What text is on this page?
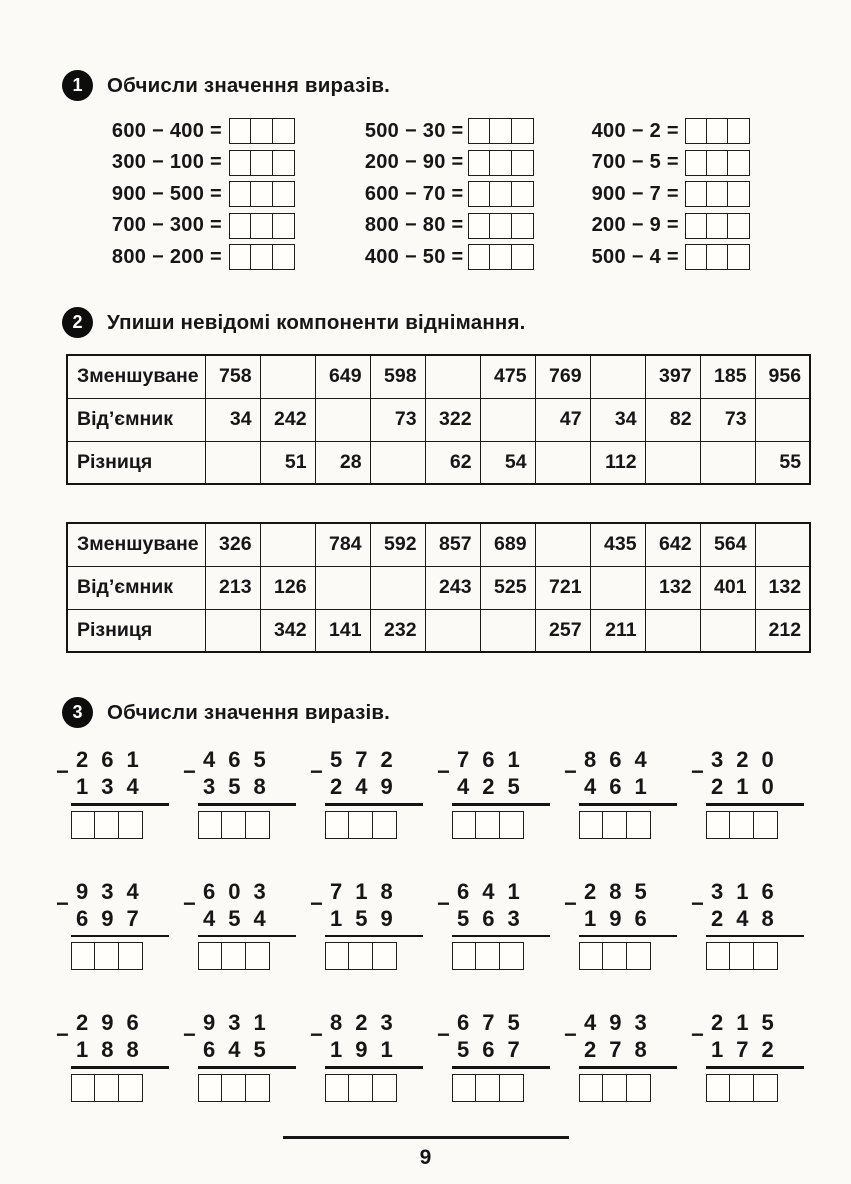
1	Обчисли значення виразів.
600 − 400 =
300 − 100 =
900 − 500 =
700 − 300 =
800 − 200 =
500 − 30 =
200 − 90 =
600 − 70 =
800 − 80 =
400 − 50 =
400 − 2 =
700 − 5 =
900 − 7 =
200 − 9 =
500 − 4 =
2	Упиши невідомі компоненти віднімання.
Зменшуване	758		649	598		475	769		397	185	956
Від’ємник	34	242		73	322		47	34	82	73	
Різниця		51	28		62	54		112			55
Зменшуване	326		784	592	857	689		435	642	564	
Від’ємник	213	126			243	525	721		132	401	132
Різниця		342	141	232			257	211			212
3	Обчисли значення виразів.
− 261
134
− 465
358
− 572
249
− 761
425
− 864
461
− 320
210
− 934
697
− 603
454
− 718
159
− 641
563
− 285
196
− 316
248
− 296
188
− 931
645
− 823
191
− 675
567
− 493
278
− 215
172
9
